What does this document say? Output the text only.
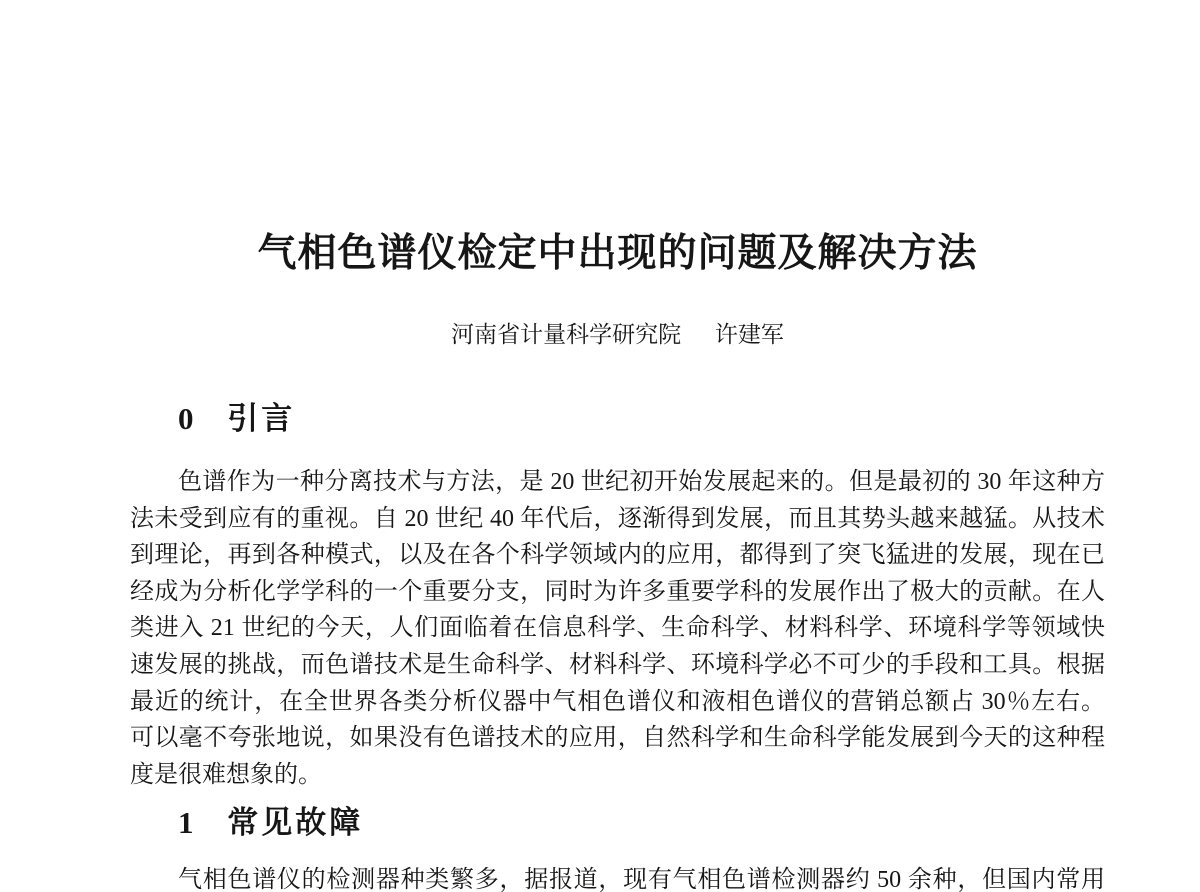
气相色谱仪检定中出现的问题及解决方法
河南省计量科学研究院 许建军
0 引言
色谱作为一种分离技术与方法，是 20 世纪初开始发展起来的。但是最初的 30 年这种方
法未受到应有的重视。自 20 世纪 40 年代后，逐渐得到发展，而且其势头越来越猛。从技术
到理论，再到各种模式，以及在各个科学领域内的应用，都得到了突飞猛进的发展，现在已
经成为分析化学学科的一个重要分支，同时为许多重要学科的发展作出了极大的贡献。在人
类进入 21 世纪的今天，人们面临着在信息科学、生命科学、材料科学、环境科学等领域快
速发展的挑战，而色谱技术是生命科学、材料科学、环境科学必不可少的手段和工具。根据
最近的统计，在全世界各类分析仪器中气相色谱仪和液相色谱仪的营销总额占 30％左右。
可以毫不夸张地说，如果没有色谱技术的应用，自然科学和生命科学能发展到今天的这种程
度是很难想象的。
1 常见故障
气相色谱仪的检测器种类繁多，据报道，现有气相色谱检测器约 50 余种，但国内常用
